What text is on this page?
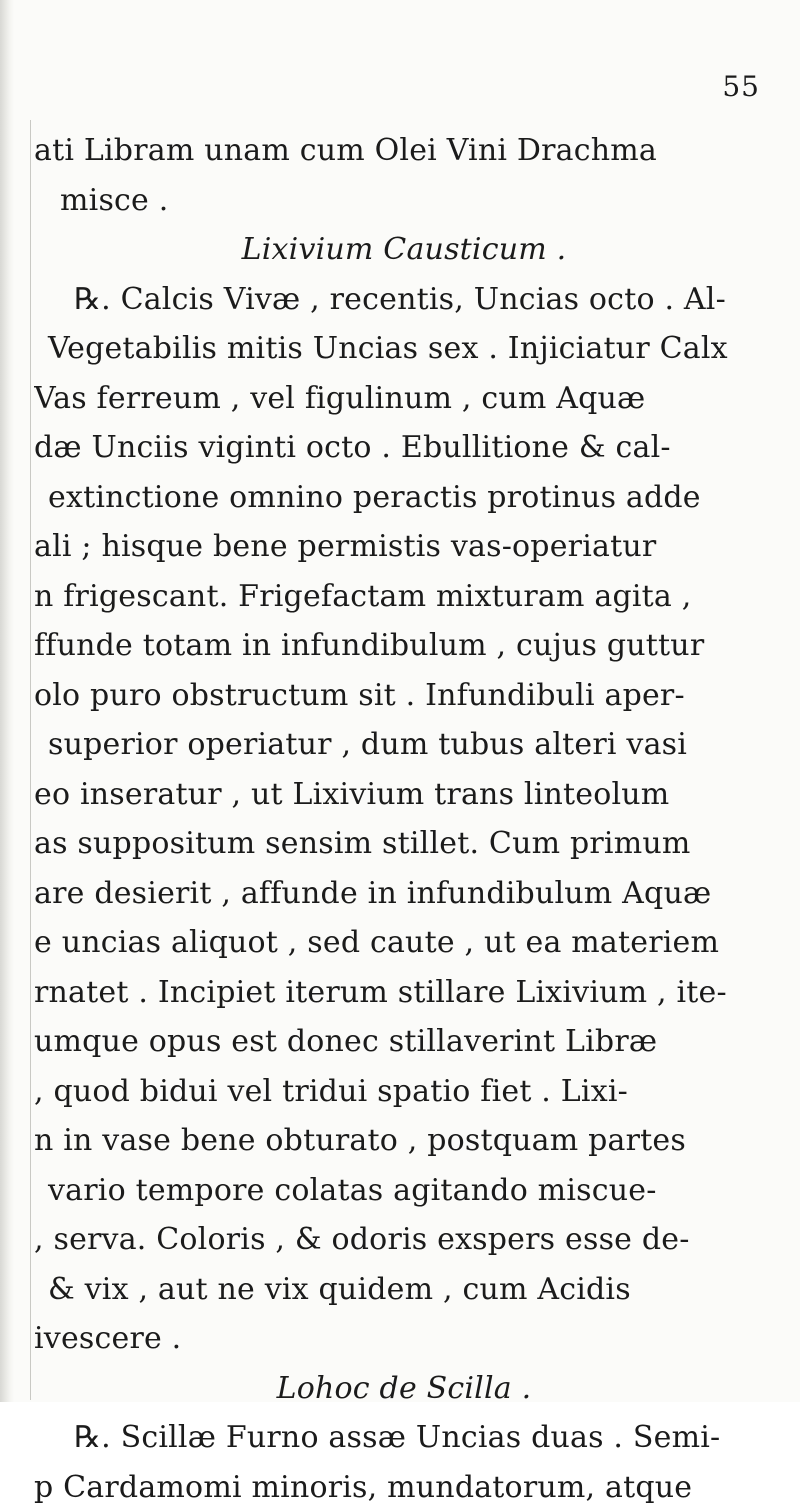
55
ati Libram unam cum Olei Vini Drachma
misce .
Lixivium Causticum .
℞. Calcis Vivæ , recentis, Uncias octo . Al-
Vegetabilis mitis Uncias sex . Injiciatur Calx
Vas ferreum , vel figulinum , cum Aquæ
dæ Unciis viginti octo . Ebullitione & cal-
extinctione omnino peractis protinus adde
ali ; hisque bene permistis vas-operiatur
n frigescant. Frigefactam mixturam agita ,
ffunde totam in infundibulum , cujus guttur
olo puro obstructum sit . Infundibuli aper-
superior operiatur , dum tubus alteri vasi
eo inseratur , ut Lixivium trans linteolum
as suppositum sensim stillet. Cum primum
are desierit , affunde in infundibulum Aquæ
e uncias aliquot , sed caute , ut ea materiem
rnatet . Incipiet iterum stillare Lixivium , ite-
umque opus est donec stillaverint Libræ
, quod bidui vel tridui spatio fiet . Lixi-
n in vase bene obturato , postquam partes
vario tempore colatas agitando miscue-
, serva. Coloris , & odoris exspers esse de-
& vix , aut ne vix quidem , cum Acidis
ivescere .
Lohoc de Scilla .
℞. Scillæ Furno assæ Uncias duas . Semi-
p Cardamomi minoris, mundatorum, atque
